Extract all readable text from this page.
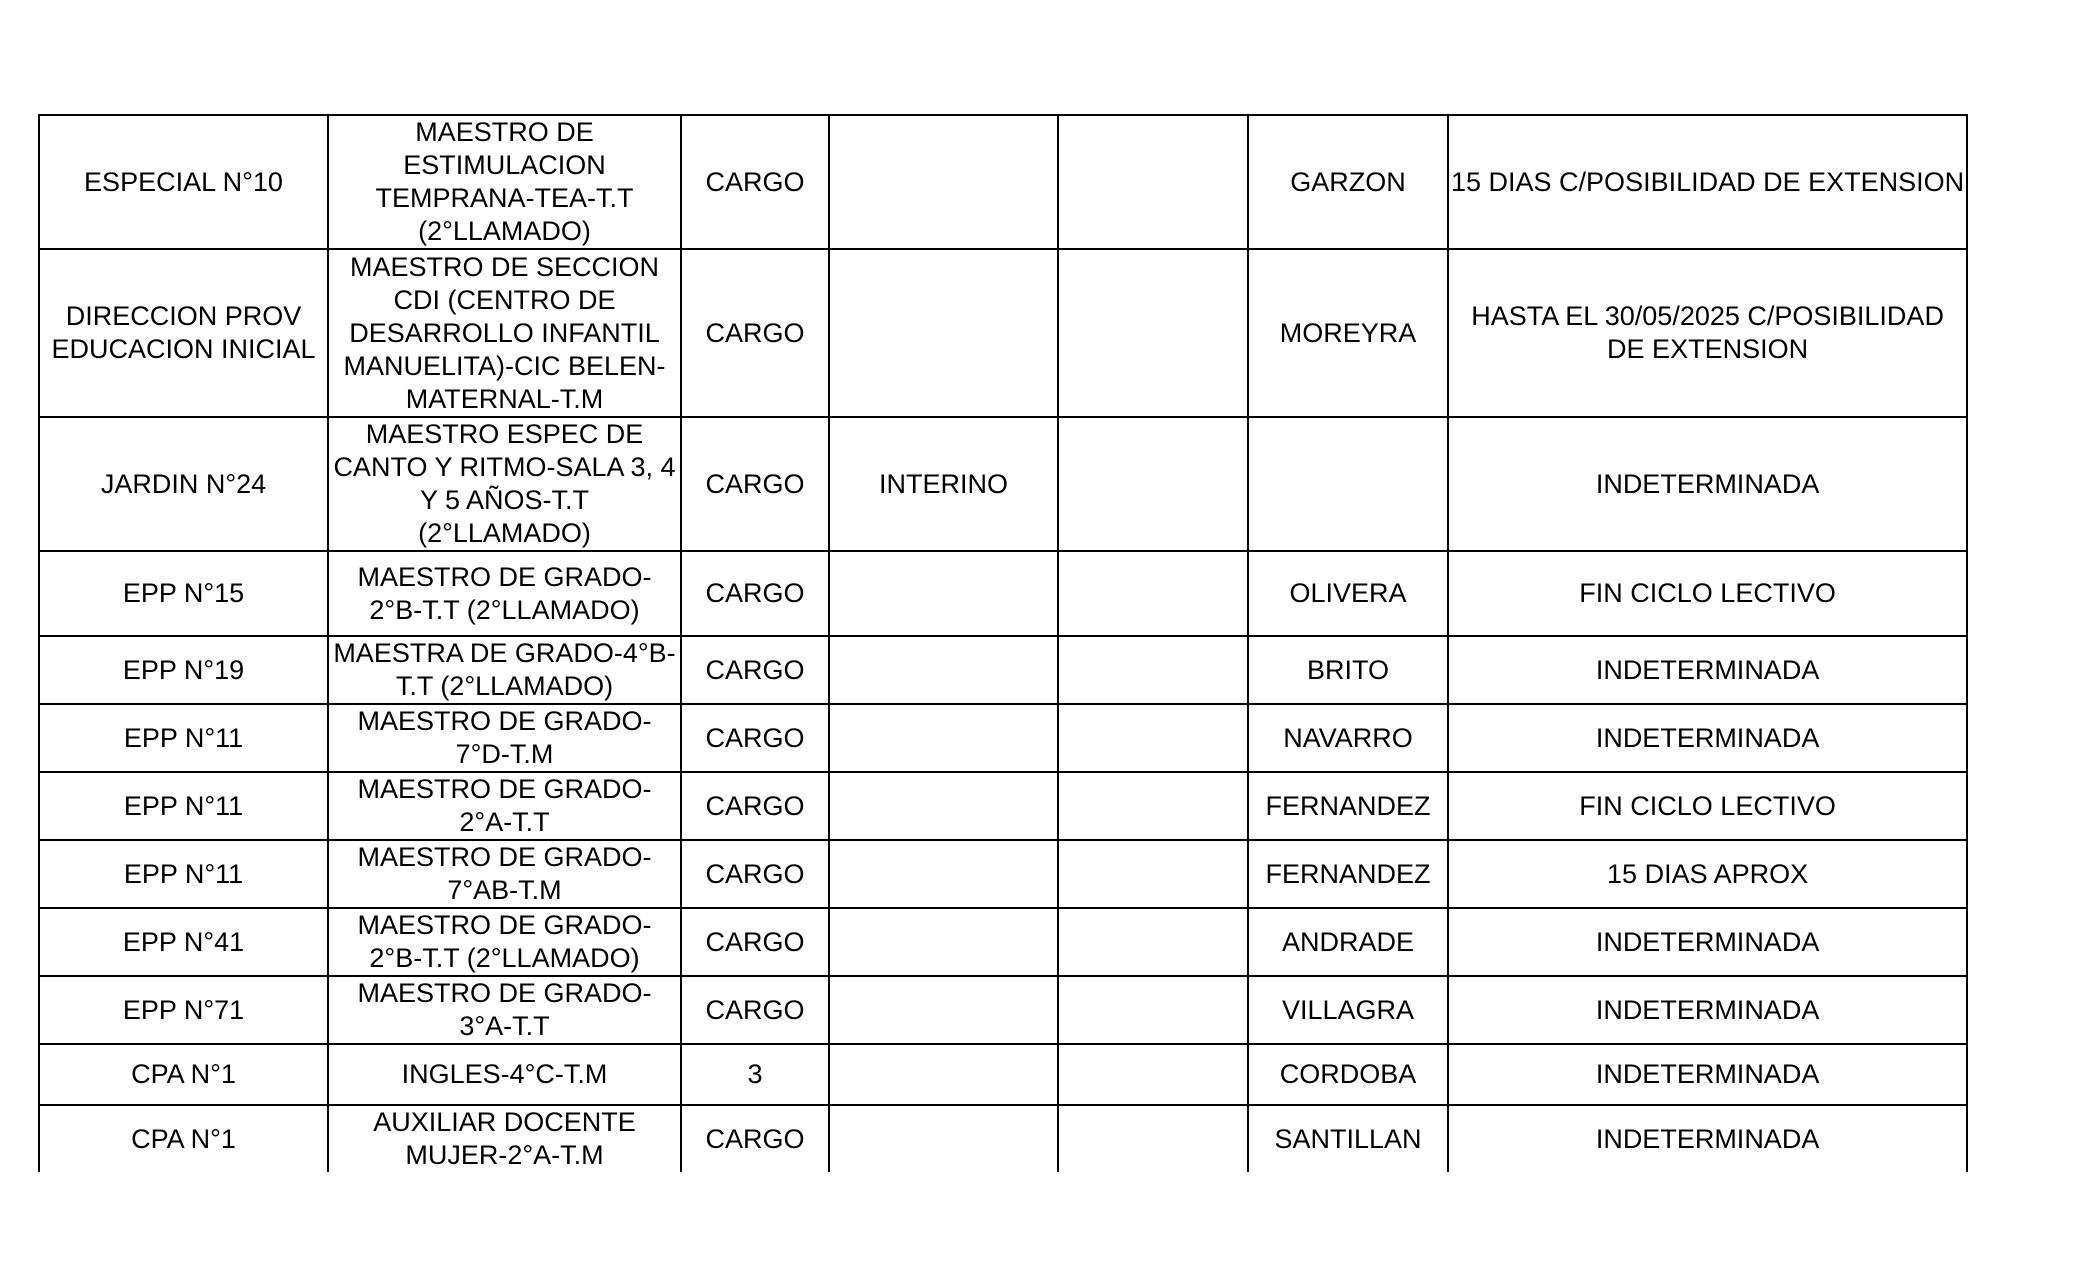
ESPECIAL N°10	MAESTRO DE ESTIMULACION TEMPRANA-TEA-T.T (2°LLAMADO)	CARGO			GARZON	15 DIAS C/POSIBILIDAD DE EXTENSION
DIRECCION PROV EDUCACION INICIAL	MAESTRO DE SECCION CDI (CENTRO DE DESARROLLO INFANTIL MANUELITA)-CIC BELEN-MATERNAL-T.M	CARGO			MOREYRA	HASTA EL 30/05/2025 C/POSIBILIDAD DE EXTENSION
JARDIN N°24	MAESTRO ESPEC DE CANTO Y RITMO-SALA 3, 4 Y 5 AÑOS-T.T (2°LLAMADO)	CARGO	INTERINO			INDETERMINADA
EPP N°15	MAESTRO DE GRADO-2°B-T.T (2°LLAMADO)	CARGO			OLIVERA	FIN CICLO LECTIVO
EPP N°19	MAESTRA DE GRADO-4°B-T.T (2°LLAMADO)	CARGO			BRITO	INDETERMINADA
EPP N°11	MAESTRO DE GRADO-7°D-T.M	CARGO			NAVARRO	INDETERMINADA
EPP N°11	MAESTRO DE GRADO-2°A-T.T	CARGO			FERNANDEZ	FIN CICLO LECTIVO
EPP N°11	MAESTRO DE GRADO-7°AB-T.M	CARGO			FERNANDEZ	15 DIAS APROX
EPP N°41	MAESTRO DE GRADO-2°B-T.T (2°LLAMADO)	CARGO			ANDRADE	INDETERMINADA
EPP N°71	MAESTRO DE GRADO-3°A-T.T	CARGO			VILLAGRA	INDETERMINADA
CPA N°1	INGLES-4°C-T.M	3			CORDOBA	INDETERMINADA
CPA N°1	AUXILIAR DOCENTE MUJER-2°A-T.M	CARGO			SANTILLAN	INDETERMINADA
